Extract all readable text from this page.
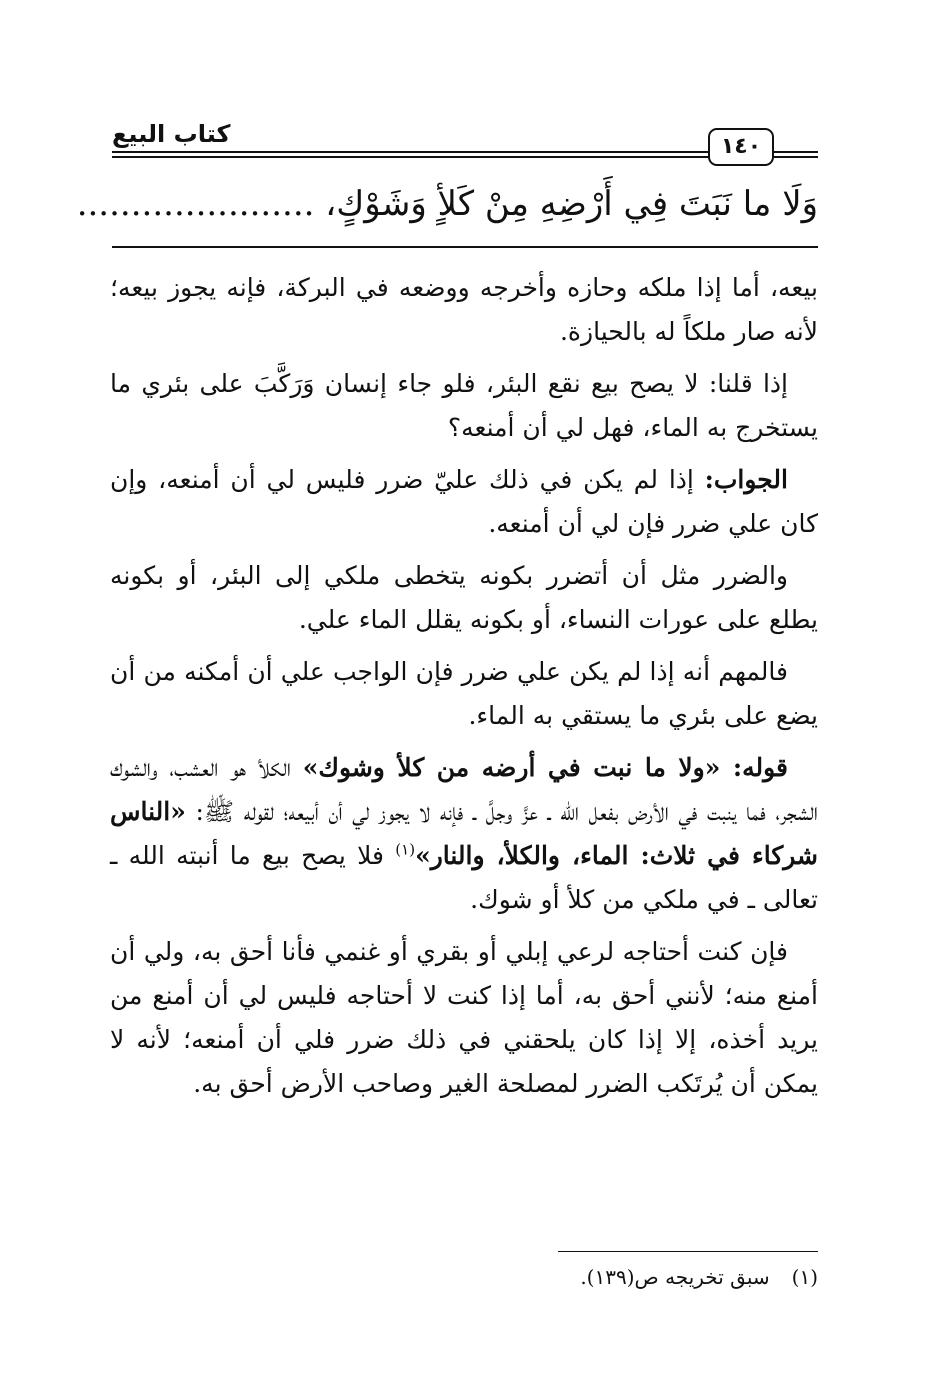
كتاب البيع	١٤٠
وَلَا ما نَبَتَ فِي أَرْضِهِ مِنْ كَلأٍ وَشَوْكٍ، ......................

بيعه، أما إذا ملكه وحازه وأخرجه ووضعه في البركة، فإنه يجوز بيعه؛ لأنه صار ملكاً له بالحيازة.

إذا قلنا: لا يصح بيع نقع البئر، فلو جاء إنسان وَرَكَّبَ على بئري ما يستخرج به الماء، فهل لي أن أمنعه؟

الجواب: إذا لم يكن في ذلك عليّ ضرر فليس لي أن أمنعه، وإن كان علي ضرر فإن لي أن أمنعه.

والضرر مثل أن أتضرر بكونه يتخطى ملكي إلى البئر، أو بكونه يطلع على عورات النساء، أو بكونه يقلل الماء علي.

فالمهم أنه إذا لم يكن علي ضرر فإن الواجب علي أن أمكنه من أن يضع على بئري ما يستقي به الماء.

قوله: «ولا ما نبت في أرضه من كلأ وشوك» الكلأ هو العشب، والشوك الشجر، فما ينبت في الأرض بفعل الله ـ عزَّ وجلَّ ـ فإنه لا يجوز لي أن أبيعه؛ لقوله ﷺ: «الناس شركاء في ثلاث: الماء، والكلأ، والنار»$^{(١)}$ فلا يصح بيع ما أنبته الله ـ تعالى ـ في ملكي من كلأ أو شوك.

فإن كنت أحتاجه لرعي إبلي أو بقري أو غنمي فأنا أحق به، ولي أن أمنع منه؛ لأنني أحق به، أما إذا كنت لا أحتاجه فليس لي أن أمنع من يريد أخذه، إلا إذا كان يلحقني في ذلك ضرر فلي أن أمنعه؛ لأنه لا يمكن أن يُرتَكب الضرر لمصلحة الغير وصاحب الأرض أحق به.

(١)سبق تخريجه ص(١٣٩).
